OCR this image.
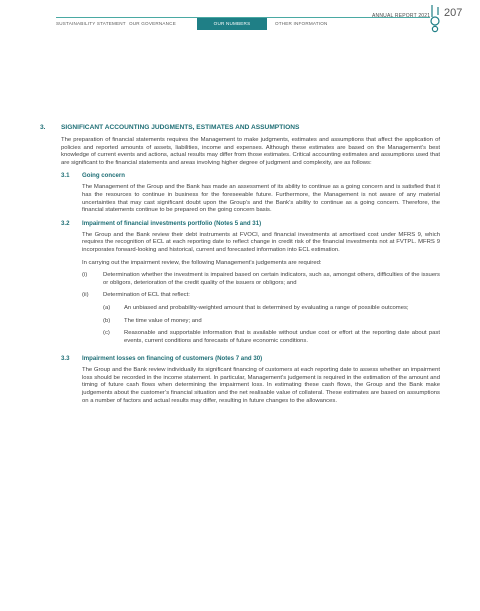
SUSTAINABILITY STATEMENT OUR GOVERNANCE	OUR NUMBERS	OTHER INFORMATION
ANNUAL REPORT 2021 207
3.	SIGNIFICANT ACCOUNTING JUDGMENTS, ESTIMATES AND ASSUMPTIONS

The preparation of financial statements requires the Management to make judgments, estimates and assumptions that affect the application of policies and reported amounts of assets, liabilities, income and expenses. Although these estimates are based on the Management’s best knowledge of current events and actions, actual results may differ from those estimates. Critical accounting estimates and assumptions used that are significant to the financial statements and areas involving higher degree of judgment and complexity, are as follows:

3.1	Going concern

The Management of the Group and the Bank has made an assessment of its ability to continue as a going concern and is satisfied that it has the resources to continue in business for the foreseeable future. Furthermore, the Management is not aware of any material uncertainties that may cast significant doubt upon the Group’s and the Bank’s ability to continue as a going concern. Therefore, the financial statements continue to be prepared on the going concern basis.

3.2	Impairment of financial investments portfolio (Notes 5 and 31)

The Group and the Bank review their debt instruments at FVOCI, and financial investments at amortised cost under MFRS 9, which requires the recognition of ECL at each reporting date to reflect change in credit risk of the financial investments not at FVTPL. MFRS 9 incorporates forward-looking and historical, current and forecasted information into ECL estimation.

In carrying out the impairment review, the following Management’s judgements are required:

(i)	Determination whether the investment is impaired based on certain indicators, such as, amongst others, difficulties of the issuers or obligors, deterioration of the credit quality of the issuers or obligors; and

(ii)	Determination of ECL that reflect:

(a)	An unbiased and probability-weighted amount that is determined by evaluating a range of possible outcomes;

(b)	The time value of money; and

(c)	Reasonable and supportable information that is available without undue cost or effort at the reporting date about past events, current conditions and forecasts of future economic conditions.

3.3	Impairment losses on financing of customers (Notes 7 and 30)

The Group and the Bank review individually its significant financing of customers at each reporting date to assess whether an impairment loss should be recorded in the income statement. In particular, Management’s judgement is required in the estimation of the amount and timing of future cash flows when determining the impairment loss. In estimating these cash flows, the Group and the Bank make judgements about the customer’s financial situation and the net realisable value of collateral. These estimates are based on assumptions on a number of factors and actual results may differ, resulting in future changes to the allowances.
